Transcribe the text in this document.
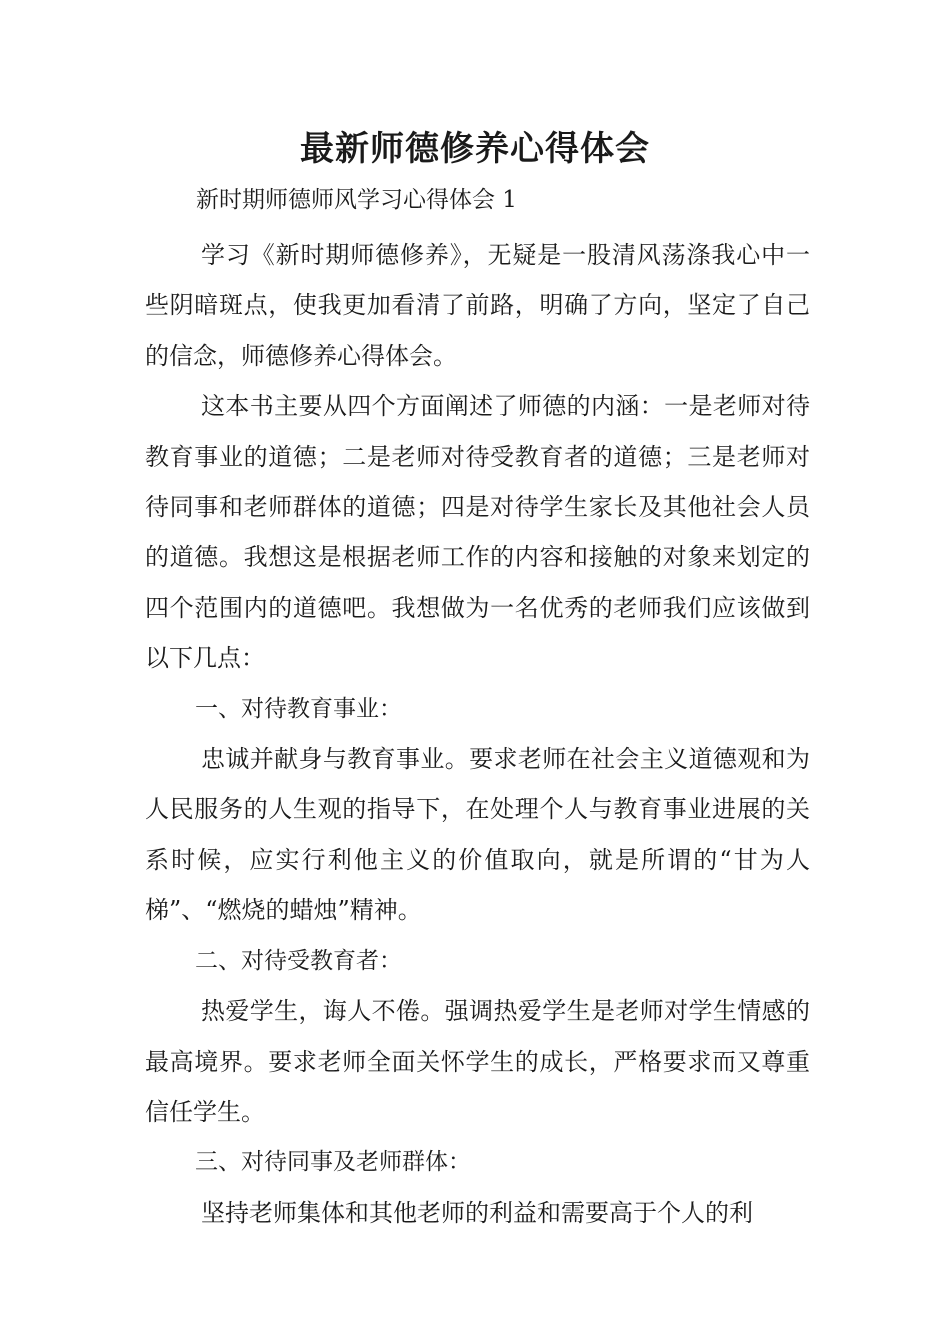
最新师德修养心得体会

新时期师德师风学习心得体会 1

学习《新时期师德修养》，无疑是一股清风荡涤我心中一些阴暗斑点，使我更加看清了前路，明确了方向，坚定了自己的信念，师德修养心得体会。

这本书主要从四个方面阐述了师德的内涵：一是老师对待教育事业的道德；二是老师对待受教育者的道德；三是老师对待同事和老师群体的道德；四是对待学生家长及其他社会人员的道德。我想这是根据老师工作的内容和接触的对象来划定的四个范围内的道德吧。我想做为一名优秀的老师我们应该做到以下几点：

一、对待教育事业：

忠诚并献身与教育事业。要求老师在社会主义道德观和为人民服务的人生观的指导下，在处理个人与教育事业进展的关系时候，应实行利他主义的价值取向，就是所谓的“甘为人梯”、“燃烧的蜡烛”精神。

二、对待受教育者：

热爱学生，诲人不倦。强调热爱学生是老师对学生情感的最高境界。要求老师全面关怀学生的成长，严格要求而又尊重信任学生。

三、对待同事及老师群体：

坚持老师集体和其他老师的利益和需要高于个人的利
